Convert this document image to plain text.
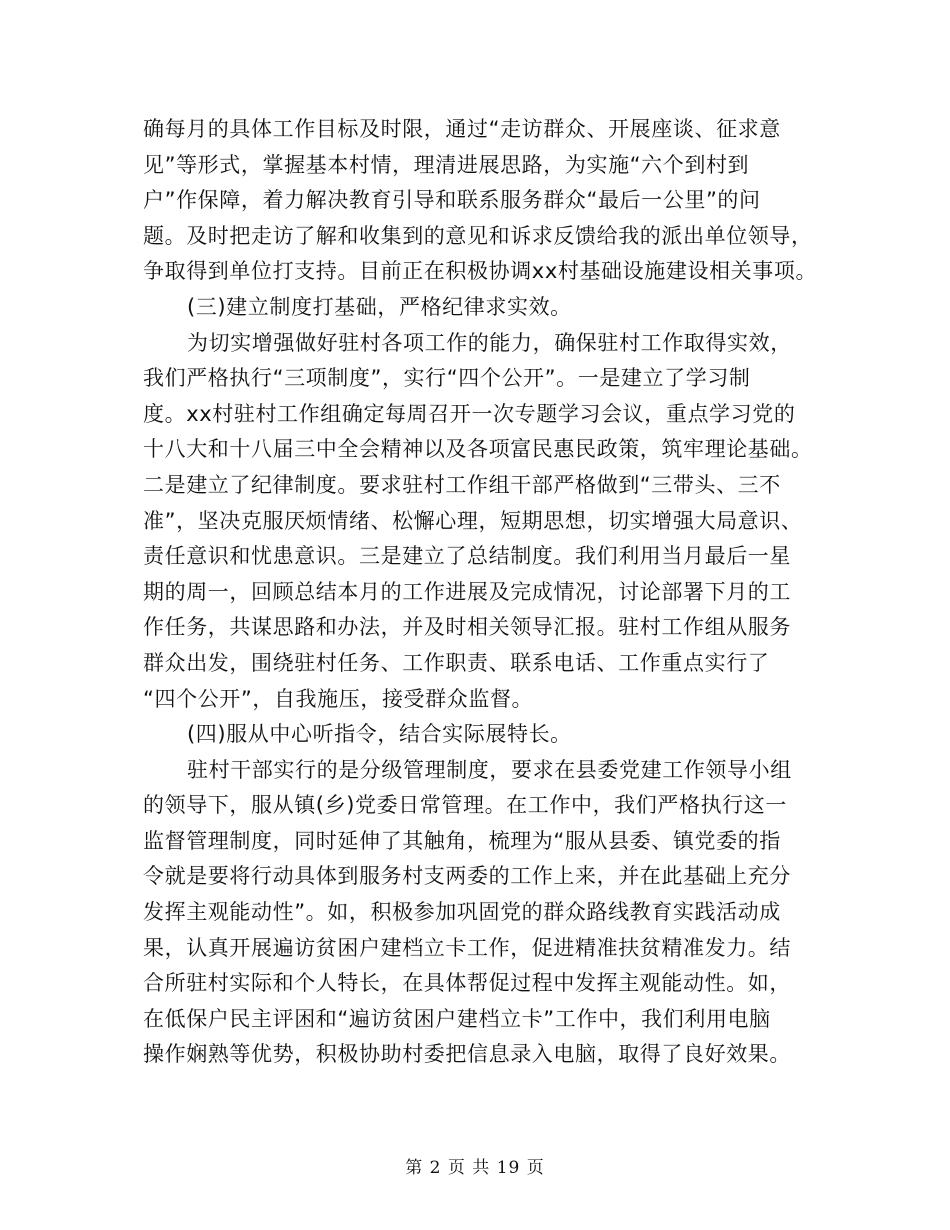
确每月的具体工作目标及时限，通过“走访群众、开展座谈、征求意
见”等形式，掌握基本村情，理清进展思路，为实施“六个到村到
户”作保障，着力解决教育引导和联系服务群众“最后一公里”的问
题。及时把走访了解和收集到的意见和诉求反馈给我的派出单位领导，
争取得到单位打支持。目前正在积极协调xx村基础设施建设相关事项。
(三)建立制度打基础，严格纪律求实效。
为切实增强做好驻村各项工作的能力，确保驻村工作取得实效，
我们严格执行“三项制度”，实行“四个公开”。一是建立了学习制
度。xx村驻村工作组确定每周召开一次专题学习会议，重点学习党的
十八大和十八届三中全会精神以及各项富民惠民政策，筑牢理论基础。
二是建立了纪律制度。要求驻村工作组干部严格做到“三带头、三不
准”，坚决克服厌烦情绪、松懈心理，短期思想，切实增强大局意识、
责任意识和忧患意识。三是建立了总结制度。我们利用当月最后一星
期的周一，回顾总结本月的工作进展及完成情况，讨论部署下月的工
作任务，共谋思路和办法，并及时相关领导汇报。驻村工作组从服务
群众出发，围绕驻村任务、工作职责、联系电话、工作重点实行了
“四个公开”，自我施压，接受群众监督。
(四)服从中心听指令，结合实际展特长。
驻村干部实行的是分级管理制度，要求在县委党建工作领导小组
的领导下，服从镇(乡)党委日常管理。在工作中，我们严格执行这一
监督管理制度，同时延伸了其触角，梳理为“服从县委、镇党委的指
令就是要将行动具体到服务村支两委的工作上来，并在此基础上充分
发挥主观能动性”。如，积极参加巩固党的群众路线教育实践活动成
果，认真开展遍访贫困户建档立卡工作，促进精准扶贫精准发力。结
合所驻村实际和个人特长，在具体帮促过程中发挥主观能动性。如，
在低保户民主评困和“遍访贫困户建档立卡”工作中，我们利用电脑
操作娴熟等优势，积极协助村委把信息录入电脑，取得了良好效果。
第 2 页 共 19 页
